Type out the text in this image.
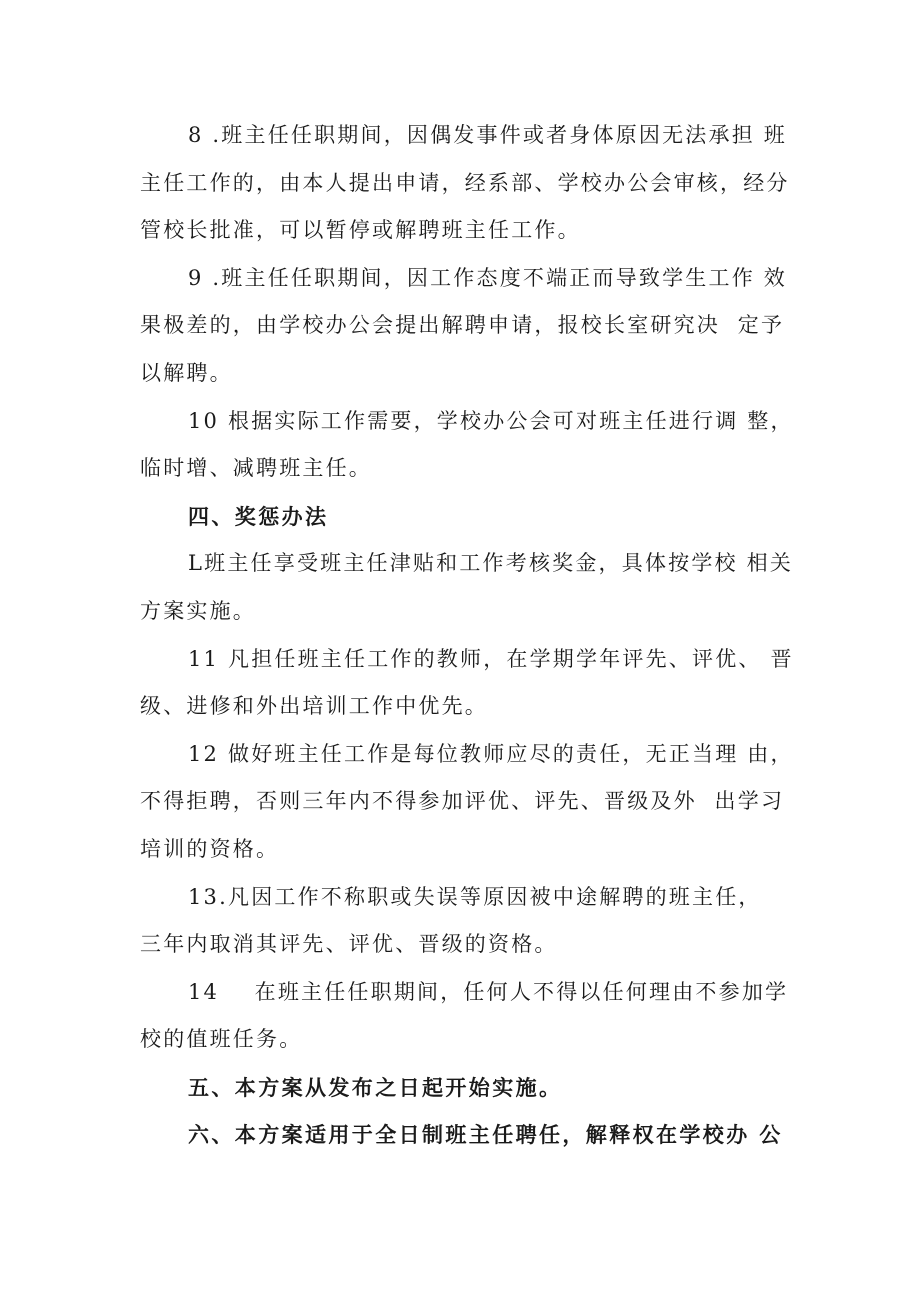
8 .班主任任职期间，因偶发事件或者身体原因无法承担 班
主任工作的，由本人提出申请，经系部、学校办公会审核，经分
管校长批准，可以暂停或解聘班主任工作。

9 .班主任任职期间，因工作态度不端正而导致学生工作 效
果极差的，由学校办公会提出解聘申请，报校长室研究决  定予
以解聘。

10 根据实际工作需要，学校办公会可对班主任进行调 整，
临时增、减聘班主任。

四、奖惩办法

L班主任享受班主任津贴和工作考核奖金，具体按学校 相关
方案实施。

11 凡担任班主任工作的教师，在学期学年评先、评优、 晋
级、进修和外出培训工作中优先。

12 做好班主任工作是每位教师应尽的责任，无正当理 由，
不得拒聘，否则三年内不得参加评优、评先、晋级及外  出学习
培训的资格。

13.凡因工作不称职或失误等原因被中途解聘的班主任，
三年内取消其评先、评优、晋级的资格。

14    在班主任任职期间，任何人不得以任何理由不参加学
校的值班任务。

五、本方案从发布之日起开始实施。

六、本方案适用于全日制班主任聘任，解释权在学校办 公
